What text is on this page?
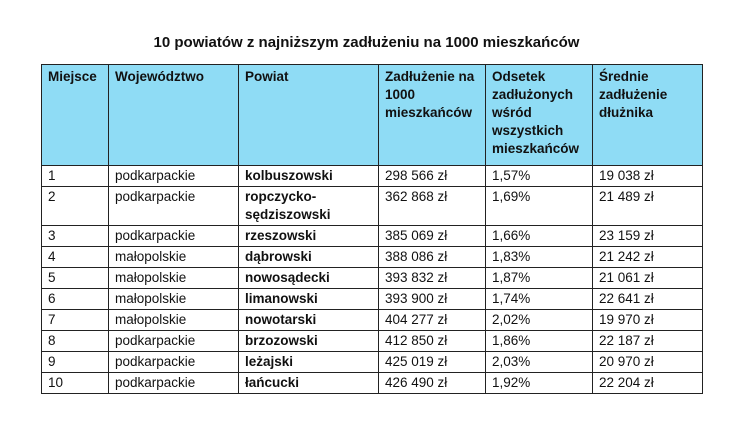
10 powiatów z najniższym zadłużeniu na 1000 mieszkańców
Miejsce	Województwo	Powiat	Zadłużenie na 1000 mieszkańców	Odsetek zadłużonych wśród wszystkich mieszkańców	Średnie zadłużenie dłużnika
1	podkarpackie	kolbuszowski	298 566 zł	1,57%	19 038 zł
2	podkarpackie	ropczycko-sędziszowski	362 868 zł	1,69%	21 489 zł
3	podkarpackie	rzeszowski	385 069 zł	1,66%	23 159 zł
4	małopolskie	dąbrowski	388 086 zł	1,83%	21 242 zł
5	małopolskie	nowosądecki	393 832 zł	1,87%	21 061 zł
6	małopolskie	limanowski	393 900 zł	1,74%	22 641 zł
7	małopolskie	nowotarski	404 277 zł	2,02%	19 970 zł
8	podkarpackie	brzozowski	412 850 zł	1,86%	22 187 zł
9	podkarpackie	leżajski	425 019 zł	2,03%	20 970 zł
10	podkarpackie	łańcucki	426 490 zł	1,92%	22 204 zł
